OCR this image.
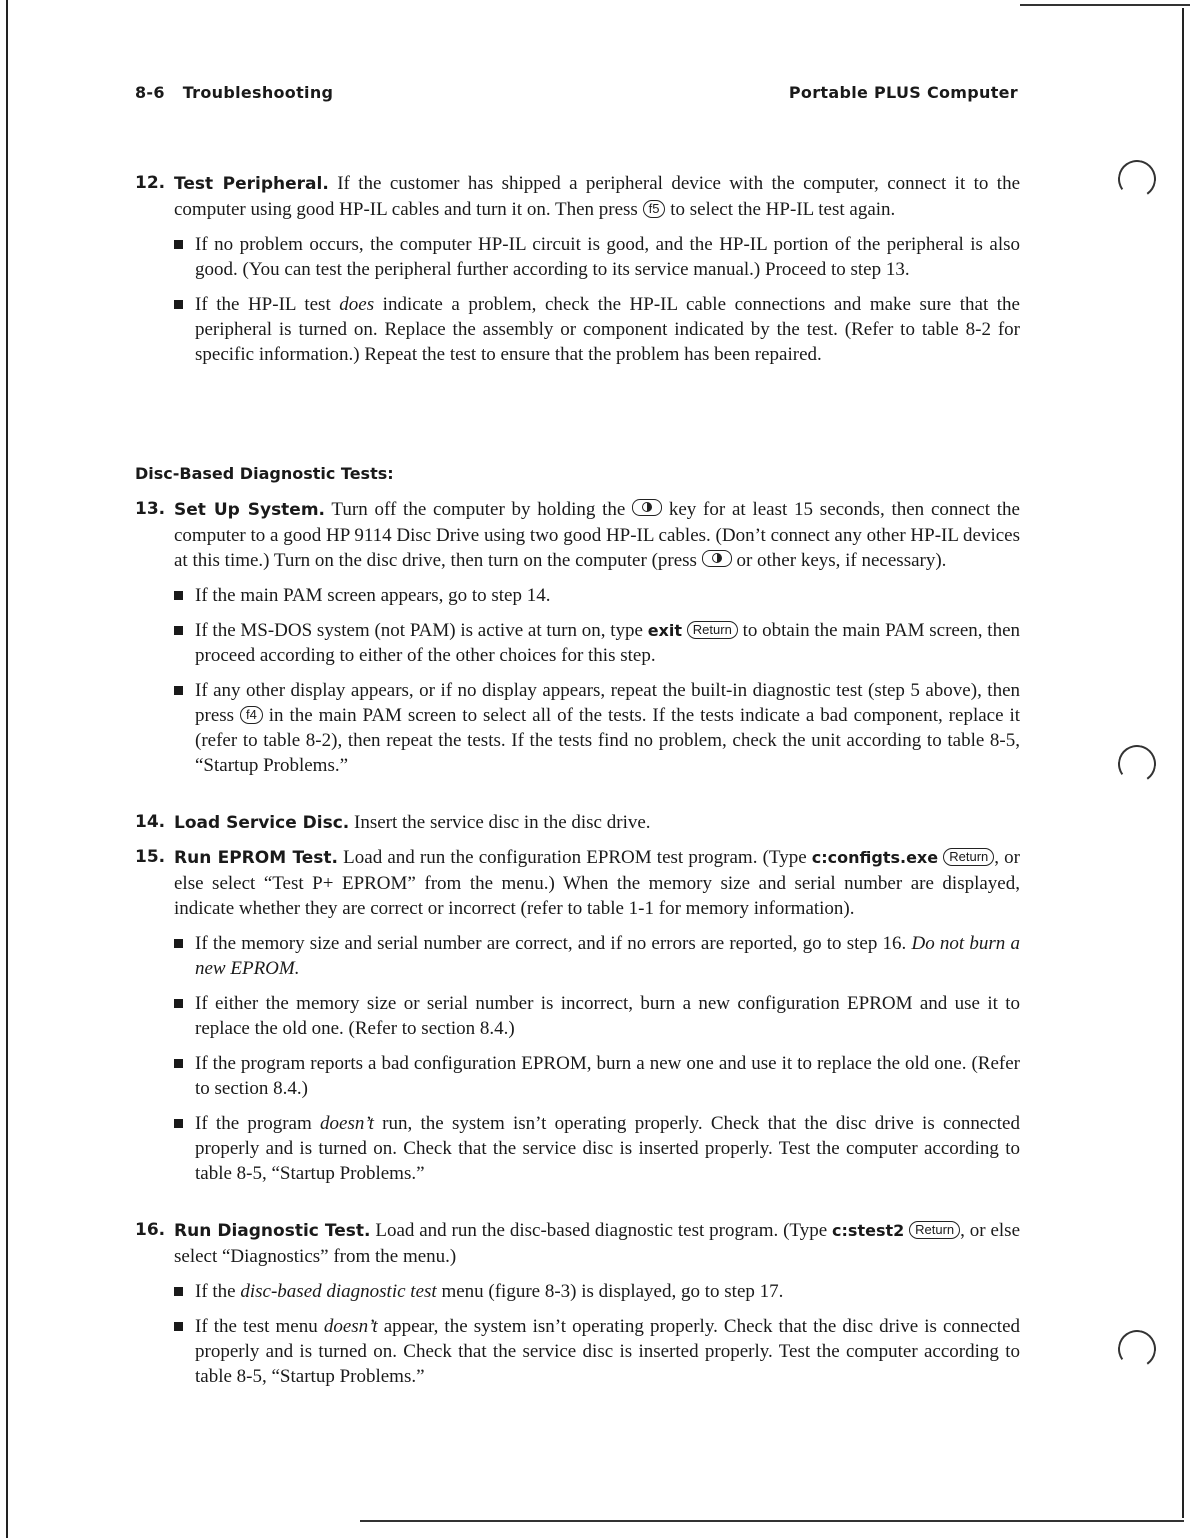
8-6 Troubleshooting	Portable PLUS Computer
12. Test Peripheral. If the customer has shipped a peripheral device with the computer, connect it to the computer using good HP-IL cables and turn it on. Then press f5 to select the HP-IL test again.
If no problem occurs, the computer HP-IL circuit is good, and the HP-IL portion of the peripheral is also good. (You can test the peripheral further according to its service manual.) Proceed to step 13.
If the HP-IL test does indicate a problem, check the HP-IL cable connections and make sure that the peripheral is turned on. Replace the assembly or component indicated by the test. (Refer to table 8-2 for specific information.) Repeat the test to ensure that the problem has been repaired.
Disc-Based Diagnostic Tests:
13. Set Up System. Turn off the computer by holding the  key for at least 15 seconds, then connect the computer to a good HP 9114 Disc Drive using two good HP-IL cables. (Don’t connect any other HP-IL devices at this time.) Turn on the disc drive, then turn on the computer (press  or other keys, if necessary).
If the main PAM screen appears, go to step 14.
If the MS-DOS system (not PAM) is active at turn on, type exit Return to obtain the main PAM screen, then proceed according to either of the other choices for this step.
If any other display appears, or if no display appears, repeat the built-in diagnostic test (step 5 above), then press f4 in the main PAM screen to select all of the tests. If the tests indicate a bad component, replace it (refer to table 8-2), then repeat the tests. If the tests find no problem, check the unit according to table 8-5, “Startup Problems.”
14. Load Service Disc. Insert the service disc in the disc drive.
15. Run EPROM Test. Load and run the configuration EPROM test program. (Type c:configts.exe Return , or else select “Test P+ EPROM” from the menu.) When the memory size and serial number are displayed, indicate whether they are correct or incorrect (refer to table 1-1 for memory information).
If the memory size and serial number are correct, and if no errors are reported, go to step 16. Do not burn a new EPROM.
If either the memory size or serial number is incorrect, burn a new configuration EPROM and use it to replace the old one. (Refer to section 8.4.)
If the program reports a bad configuration EPROM, burn a new one and use it to replace the old one. (Refer to section 8.4.)
If the program doesn’t run, the system isn’t operating properly. Check that the disc drive is connected properly and is turned on. Check that the service disc is inserted properly. Test the computer according to table 8-5, “Startup Problems.”
16. Run Diagnostic Test. Load and run the disc-based diagnostic test program. (Type c:stest2 Return , or else select “Diagnostics” from the menu.)
If the disc-based diagnostic test menu (figure 8-3) is displayed, go to step 17.
If the test menu doesn’t appear, the system isn’t operating properly. Check that the disc drive is connected properly and is turned on. Check that the service disc is inserted properly. Test the computer according to table 8-5, “Startup Problems.”
